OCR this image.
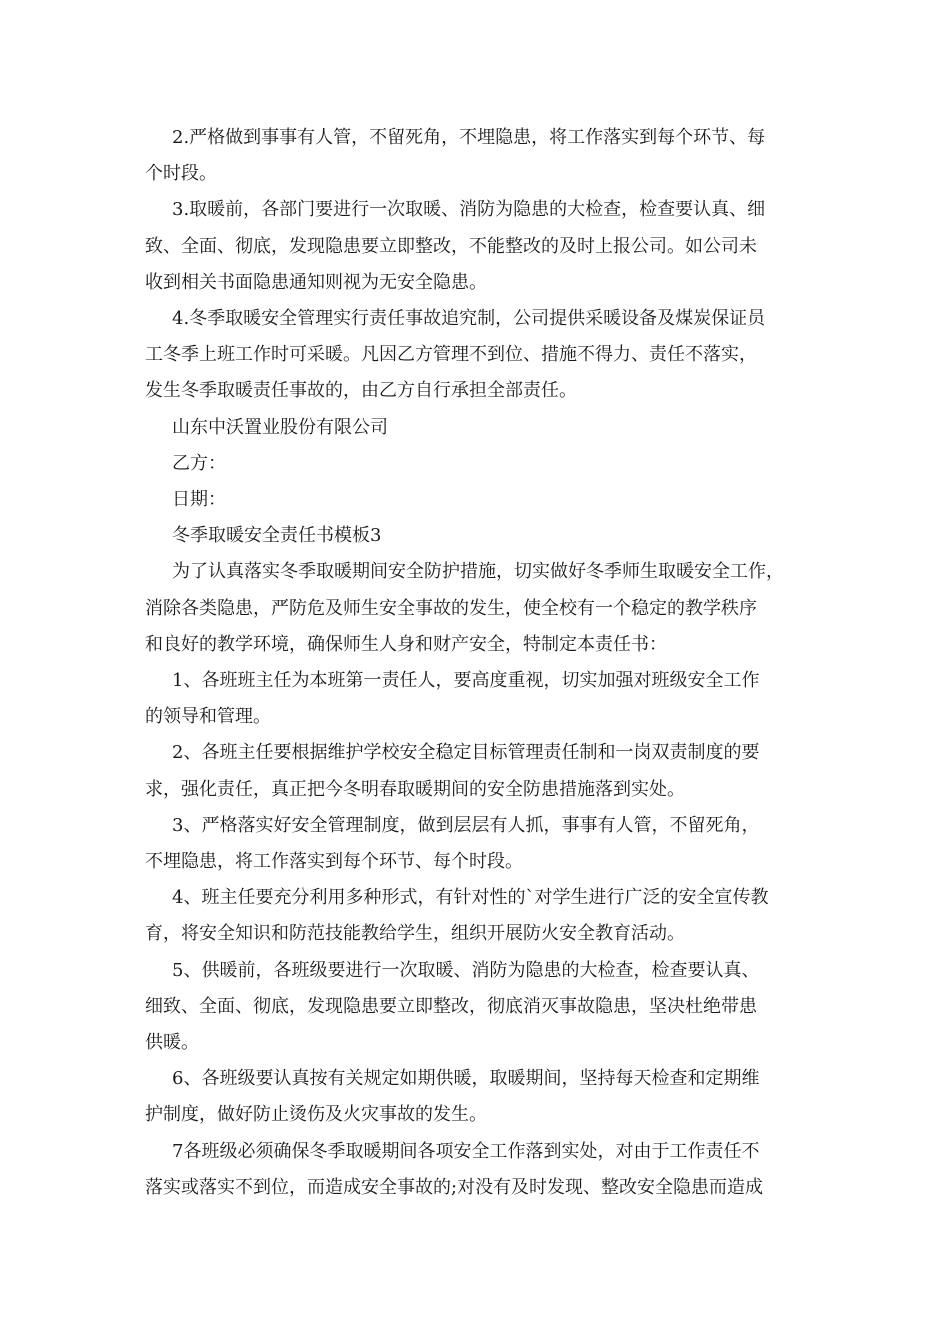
2.严格做到事事有人管，不留死角，不埋隐患，将工作落实到每个环节、每
个时段。
3.取暖前，各部门要进行一次取暖、消防为隐患的大检查，检查要认真、细
致、全面、彻底，发现隐患要立即整改，不能整改的及时上报公司。如公司未
收到相关书面隐患通知则视为无安全隐患。
4.冬季取暖安全管理实行责任事故追究制，公司提供采暖设备及煤炭保证员
工冬季上班工作时可采暖。凡因乙方管理不到位、措施不得力、责任不落实，
发生冬季取暖责任事故的，由乙方自行承担全部责任。
山东中沃置业股份有限公司
乙方：
日期：
冬季取暖安全责任书模板3
为了认真落实冬季取暖期间安全防护措施，切实做好冬季师生取暖安全工作，
消除各类隐患，严防危及师生安全事故的发生，使全校有一个稳定的教学秩序
和良好的教学环境，确保师生人身和财产安全，特制定本责任书：
1、各班班主任为本班第一责任人，要高度重视，切实加强对班级安全工作
的领导和管理。
2、各班主任要根据维护学校安全稳定目标管理责任制和一岗双责制度的要
求，强化责任，真正把今冬明春取暖期间的安全防患措施落到实处。
3、严格落实好安全管理制度，做到层层有人抓，事事有人管，不留死角，
不埋隐患，将工作落实到每个环节、每个时段。
4、班主任要充分利用多种形式，有针对性的`对学生进行广泛的安全宣传教
育，将安全知识和防范技能教给学生，组织开展防火安全教育活动。
5、供暖前，各班级要进行一次取暖、消防为隐患的大检查，检查要认真、
细致、全面、彻底，发现隐患要立即整改，彻底消灭事故隐患，坚决杜绝带患
供暖。
6、各班级要认真按有关规定如期供暖，取暖期间，坚持每天检查和定期维
护制度，做好防止烫伤及火灾事故的发生。
7各班级必须确保冬季取暖期间各项安全工作落到实处，对由于工作责任不
落实或落实不到位，而造成安全事故的;对没有及时发现、整改安全隐患而造成
